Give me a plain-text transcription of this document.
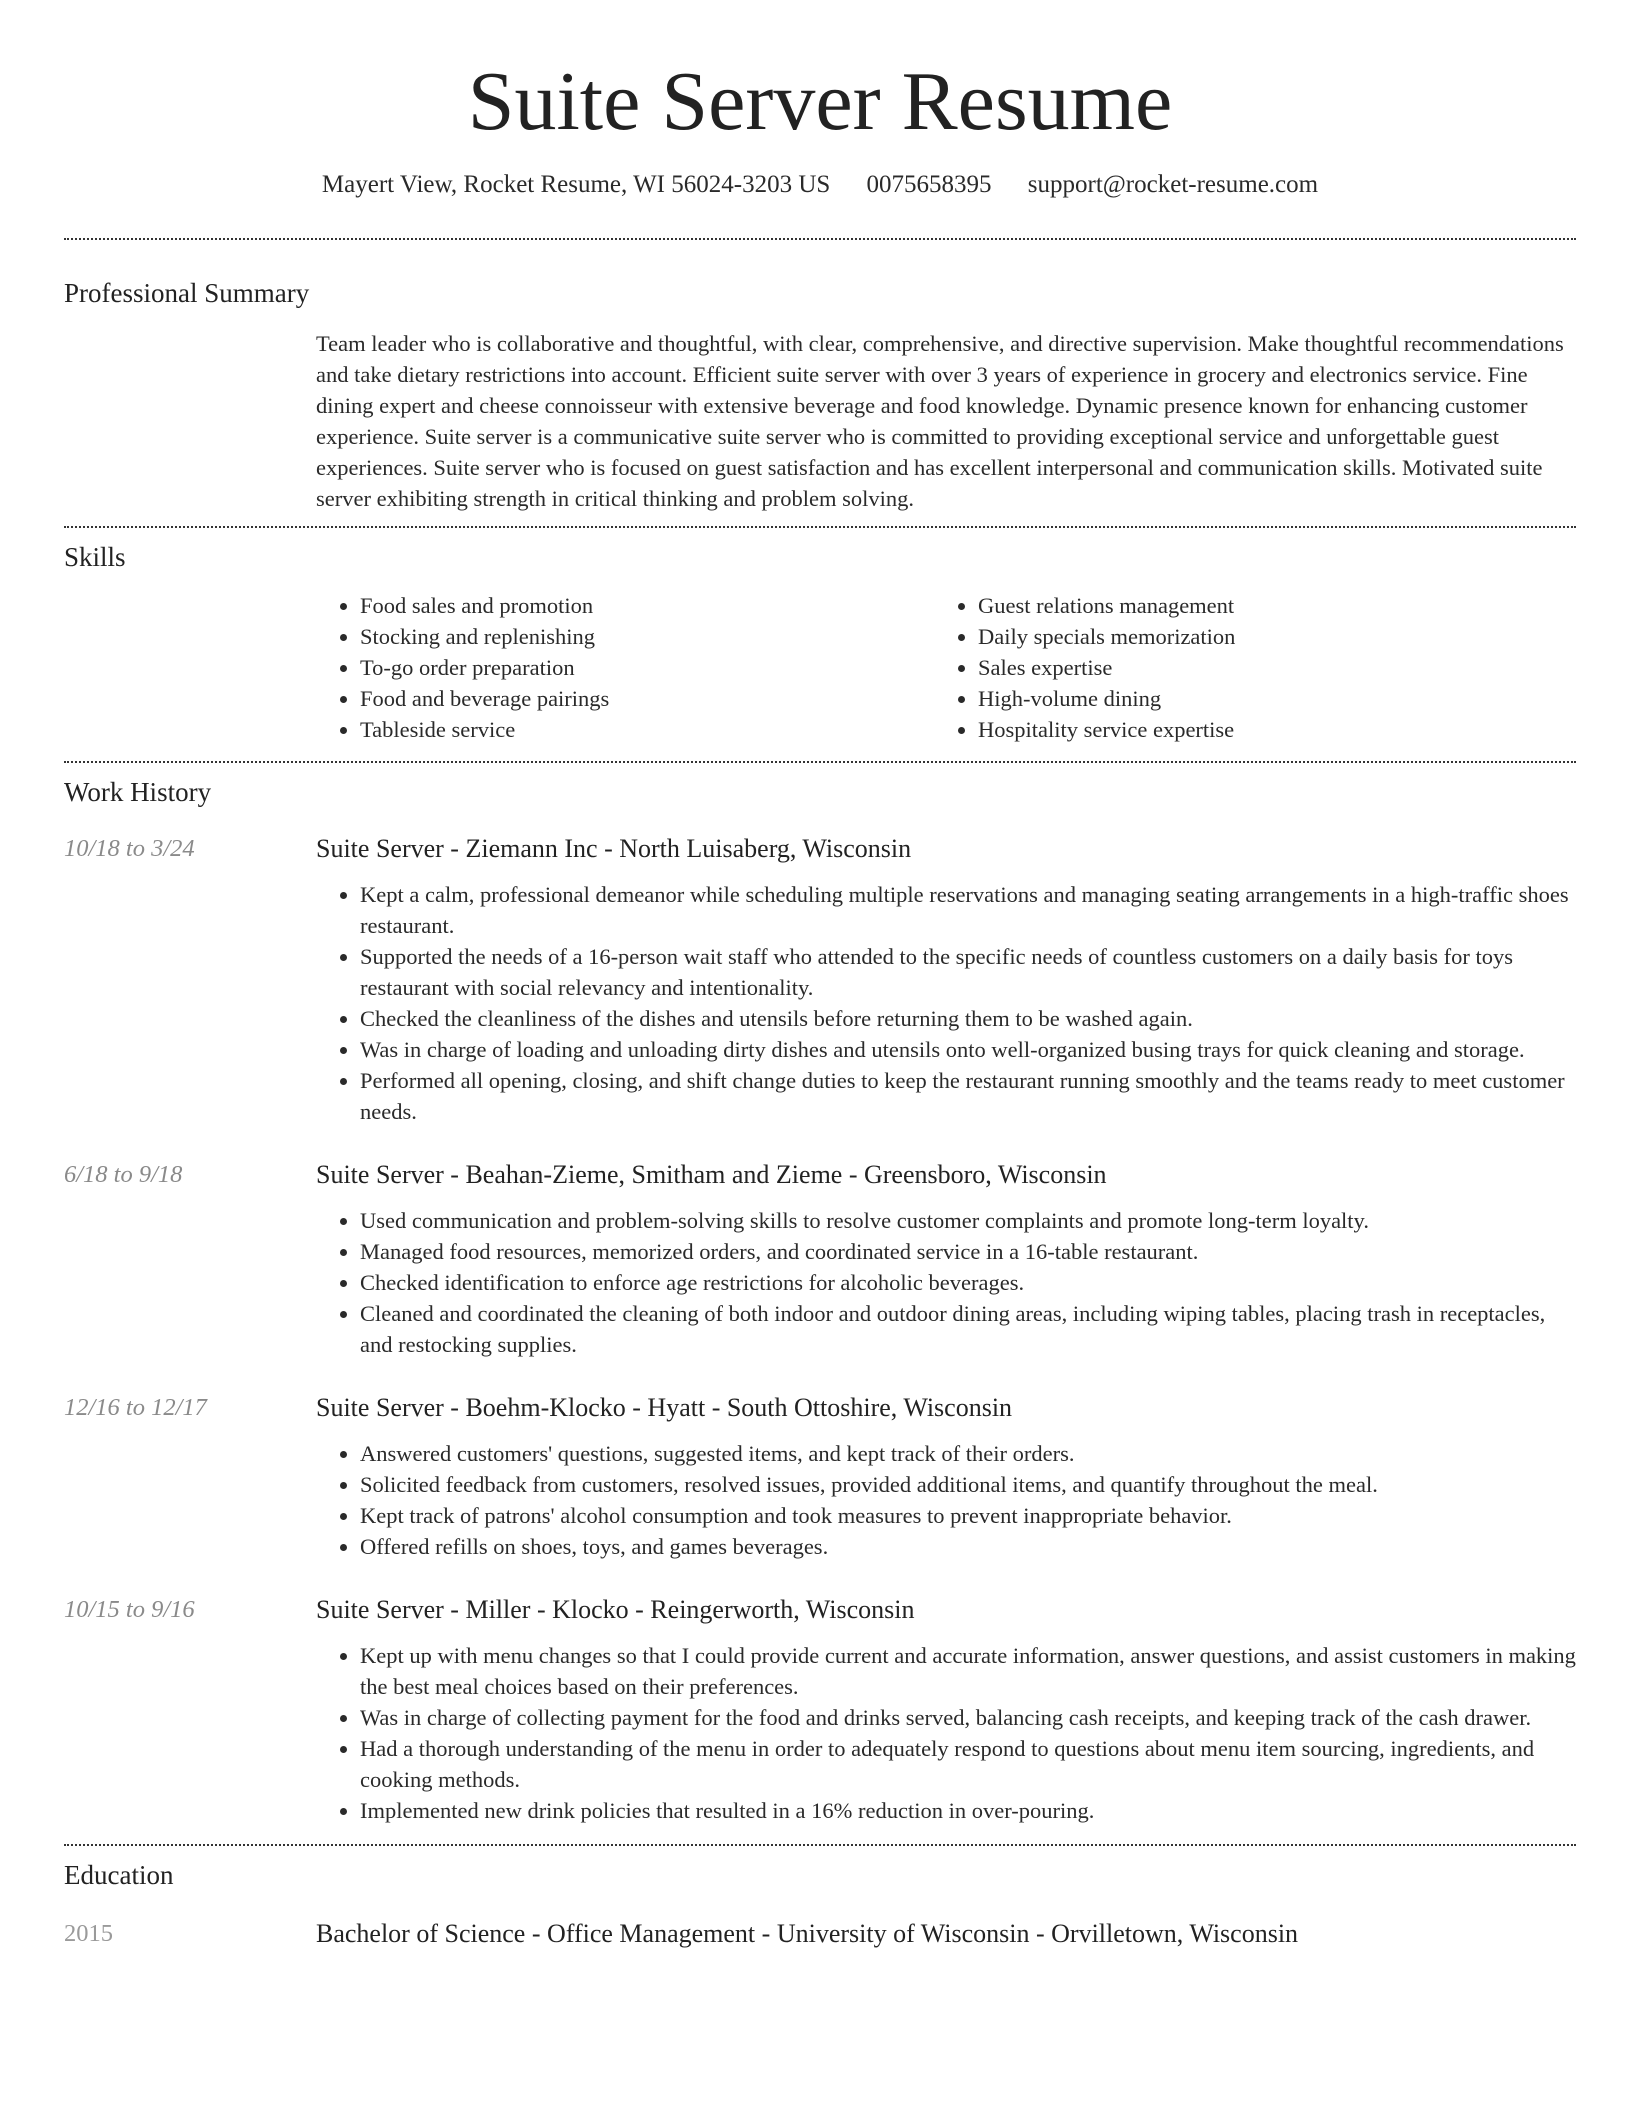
Suite Server Resume
Mayert View, Rocket Resume, WI 56024-3203 US 0075658395 support@rocket-resume.com
Professional Summary
Team leader who is collaborative and thoughtful, with clear, comprehensive, and directive supervision. Make thoughtful recommendations and take dietary restrictions into account. Efficient suite server with over 3 years of experience in grocery and electronics service. Fine dining expert and cheese connoisseur with extensive beverage and food knowledge. Dynamic presence known for enhancing customer experience. Suite server is a communicative suite server who is committed to providing exceptional service and unforgettable guest experiences. Suite server who is focused on guest satisfaction and has excellent interpersonal and communication skills. Motivated suite server exhibiting strength in critical thinking and problem solving.
Skills
• Food sales and promotion
• Stocking and replenishing
• To-go order preparation
• Food and beverage pairings
• Tableside service
• Guest relations management
• Daily specials memorization
• Sales expertise
• High-volume dining
• Hospitality service expertise
Work History
10/18 to 3/24	Suite Server - Ziemann Inc - North Luisaberg, Wisconsin
• Kept a calm, professional demeanor while scheduling multiple reservations and managing seating arrangements in a high-traffic shoes restaurant.
• Supported the needs of a 16-person wait staff who attended to the specific needs of countless customers on a daily basis for toys restaurant with social relevancy and intentionality.
• Checked the cleanliness of the dishes and utensils before returning them to be washed again.
• Was in charge of loading and unloading dirty dishes and utensils onto well-organized busing trays for quick cleaning and storage.
• Performed all opening, closing, and shift change duties to keep the restaurant running smoothly and the teams ready to meet customer needs.
6/18 to 9/18	Suite Server - Beahan-Zieme, Smitham and Zieme - Greensboro, Wisconsin
• Used communication and problem-solving skills to resolve customer complaints and promote long-term loyalty.
• Managed food resources, memorized orders, and coordinated service in a 16-table restaurant.
• Checked identification to enforce age restrictions for alcoholic beverages.
• Cleaned and coordinated the cleaning of both indoor and outdoor dining areas, including wiping tables, placing trash in receptacles, and restocking supplies.
12/16 to 12/17	Suite Server - Boehm-Klocko - Hyatt - South Ottoshire, Wisconsin
• Answered customers' questions, suggested items, and kept track of their orders.
• Solicited feedback from customers, resolved issues, provided additional items, and quantify throughout the meal.
• Kept track of patrons' alcohol consumption and took measures to prevent inappropriate behavior.
• Offered refills on shoes, toys, and games beverages.
10/15 to 9/16	Suite Server - Miller - Klocko - Reingerworth, Wisconsin
• Kept up with menu changes so that I could provide current and accurate information, answer questions, and assist customers in making the best meal choices based on their preferences.
• Was in charge of collecting payment for the food and drinks served, balancing cash receipts, and keeping track of the cash drawer.
• Had a thorough understanding of the menu in order to adequately respond to questions about menu item sourcing, ingredients, and cooking methods.
• Implemented new drink policies that resulted in a 16% reduction in over-pouring.
Education
2015	Bachelor of Science - Office Management - University of Wisconsin - Orvilletown, Wisconsin
